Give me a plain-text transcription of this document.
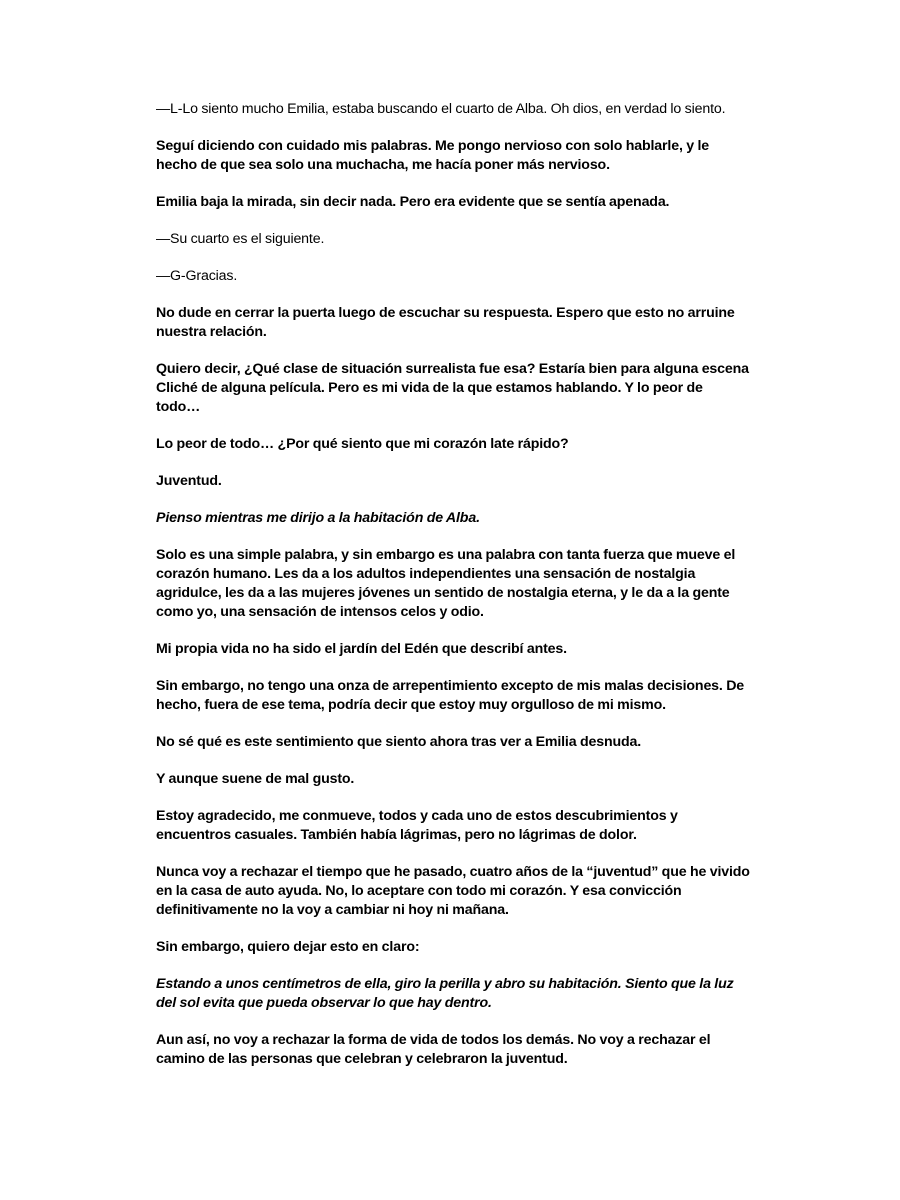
—L-Lo siento mucho Emilia, estaba buscando el cuarto de Alba. Oh dios, en verdad lo siento.

Seguí diciendo con cuidado mis palabras. Me pongo nervioso con solo hablarle, y le hecho de que sea solo una muchacha, me hacía poner más nervioso.

Emilia baja la mirada, sin decir nada. Pero era evidente que se sentía apenada.

—Su cuarto es el siguiente.

—G-Gracias.

No dude en cerrar la puerta luego de escuchar su respuesta. Espero que esto no arruine nuestra relación.

Quiero decir, ¿Qué clase de situación surrealista fue esa? Estaría bien para alguna escena Cliché de alguna película. Pero es mi vida de la que estamos hablando. Y lo peor de todo…

Lo peor de todo… ¿Por qué siento que mi corazón late rápido?

Juventud.

Pienso mientras me dirijo a la habitación de Alba.

Solo es una simple palabra, y sin embargo es una palabra con tanta fuerza que mueve el corazón humano. Les da a los adultos independientes una sensación de nostalgia agridulce, les da a las mujeres jóvenes un sentido de nostalgia eterna, y le da a la gente como yo, una sensación de intensos celos y odio.

Mi propia vida no ha sido el jardín del Edén que describí antes.

Sin embargo, no tengo una onza de arrepentimiento excepto de mis malas decisiones. De hecho, fuera de ese tema, podría decir que estoy muy orgulloso de mi mismo.

No sé qué es este sentimiento que siento ahora tras ver a Emilia desnuda.

Y aunque suene de mal gusto.

Estoy agradecido, me conmueve, todos y cada uno de estos descubrimientos y encuentros casuales. También había lágrimas, pero no lágrimas de dolor.

Nunca voy a rechazar el tiempo que he pasado, cuatro años de la “juventud” que he vivido en la casa de auto ayuda. No, lo aceptare con todo mi corazón. Y esa convicción definitivamente no la voy a cambiar ni hoy ni mañana.

Sin embargo, quiero dejar esto en claro:

Estando a unos centímetros de ella, giro la perilla y abro su habitación. Siento que la luz del sol evita que pueda observar lo que hay dentro.

Aun así, no voy a rechazar la forma de vida de todos los demás. No voy a rechazar el camino de las personas que celebran y celebraron la juventud.
